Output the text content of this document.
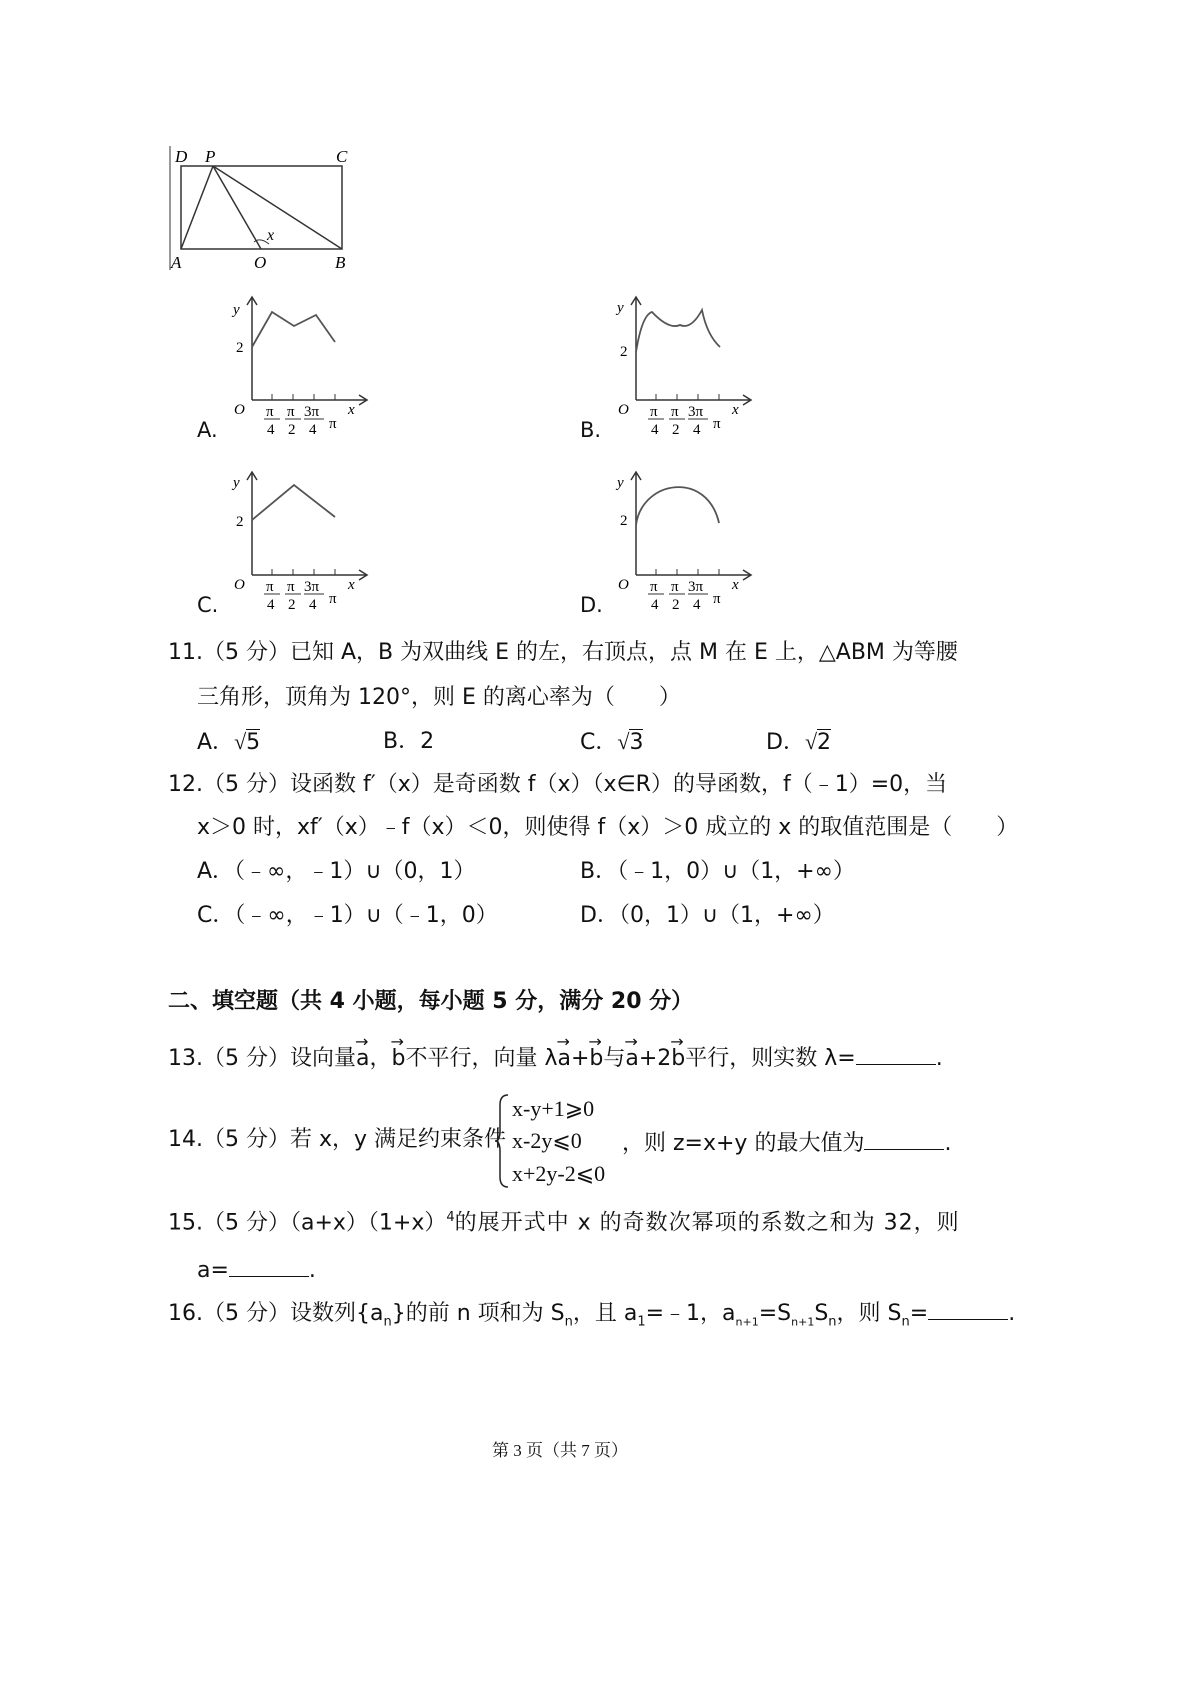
D P	C
A	O	B
x
y
2
O	x
π
4
π
2
3π
4 π
A.
y
2
O	x
π
4
π
2
3π
4 π
B.
y
2
O	x
π
4
π
2
3π
4 π
C.
y
2
O	x
π
4
π
2
3π
4 π
D.
11.（5 分）已知 A，B 为双曲线 E 的左，右顶点，点 M 在 E 上，△ABM 为等腰
三角形，顶角为 120°，则 E 的离心率为（　　）
A．√5	B．2	C．√3	D．√2
12.（5 分）设函数 f′（x）是奇函数 f（x）（x∈R）的导函数，f（﹣1）=0，当
x＞0 时，xf′（x）﹣f（x）＜0，则使得 f（x）＞0 成立的 x 的取值范围是（　　）
A．（﹣∞，﹣1）∪（0，1）	B．（﹣1，0）∪（1，+∞）
C．（﹣∞，﹣1）∪（﹣1，0）	D．（0，1）∪（1，+∞）
二、填空题（共 4 小题，每小题 5 分，满分 20 分）
13.（5 分）设向量→ a，→ b不平行，向量 λ→ a+→ b与→ a+2→ b平行，则实数 λ=	.
14.（5 分）若 x，y 满足约束条件
x-y+1⩾0
x-2y⩽0
x+2y-2⩽0
，则 z=x+y 的最大值为	.
15.（5 分）$(a+x)(1+x)^4$的展开式中 x 的奇数次幂项的系数之和为 32，则
a=	.
16.（5 分）设数列$\{a_n\}$的前 n 项和为 $S_n$，且 $a_1=﹣1$，$a_{n+1}=S_{n+1}S_n$，则 $S_n=$	.
第 3 页（共 7 页）
